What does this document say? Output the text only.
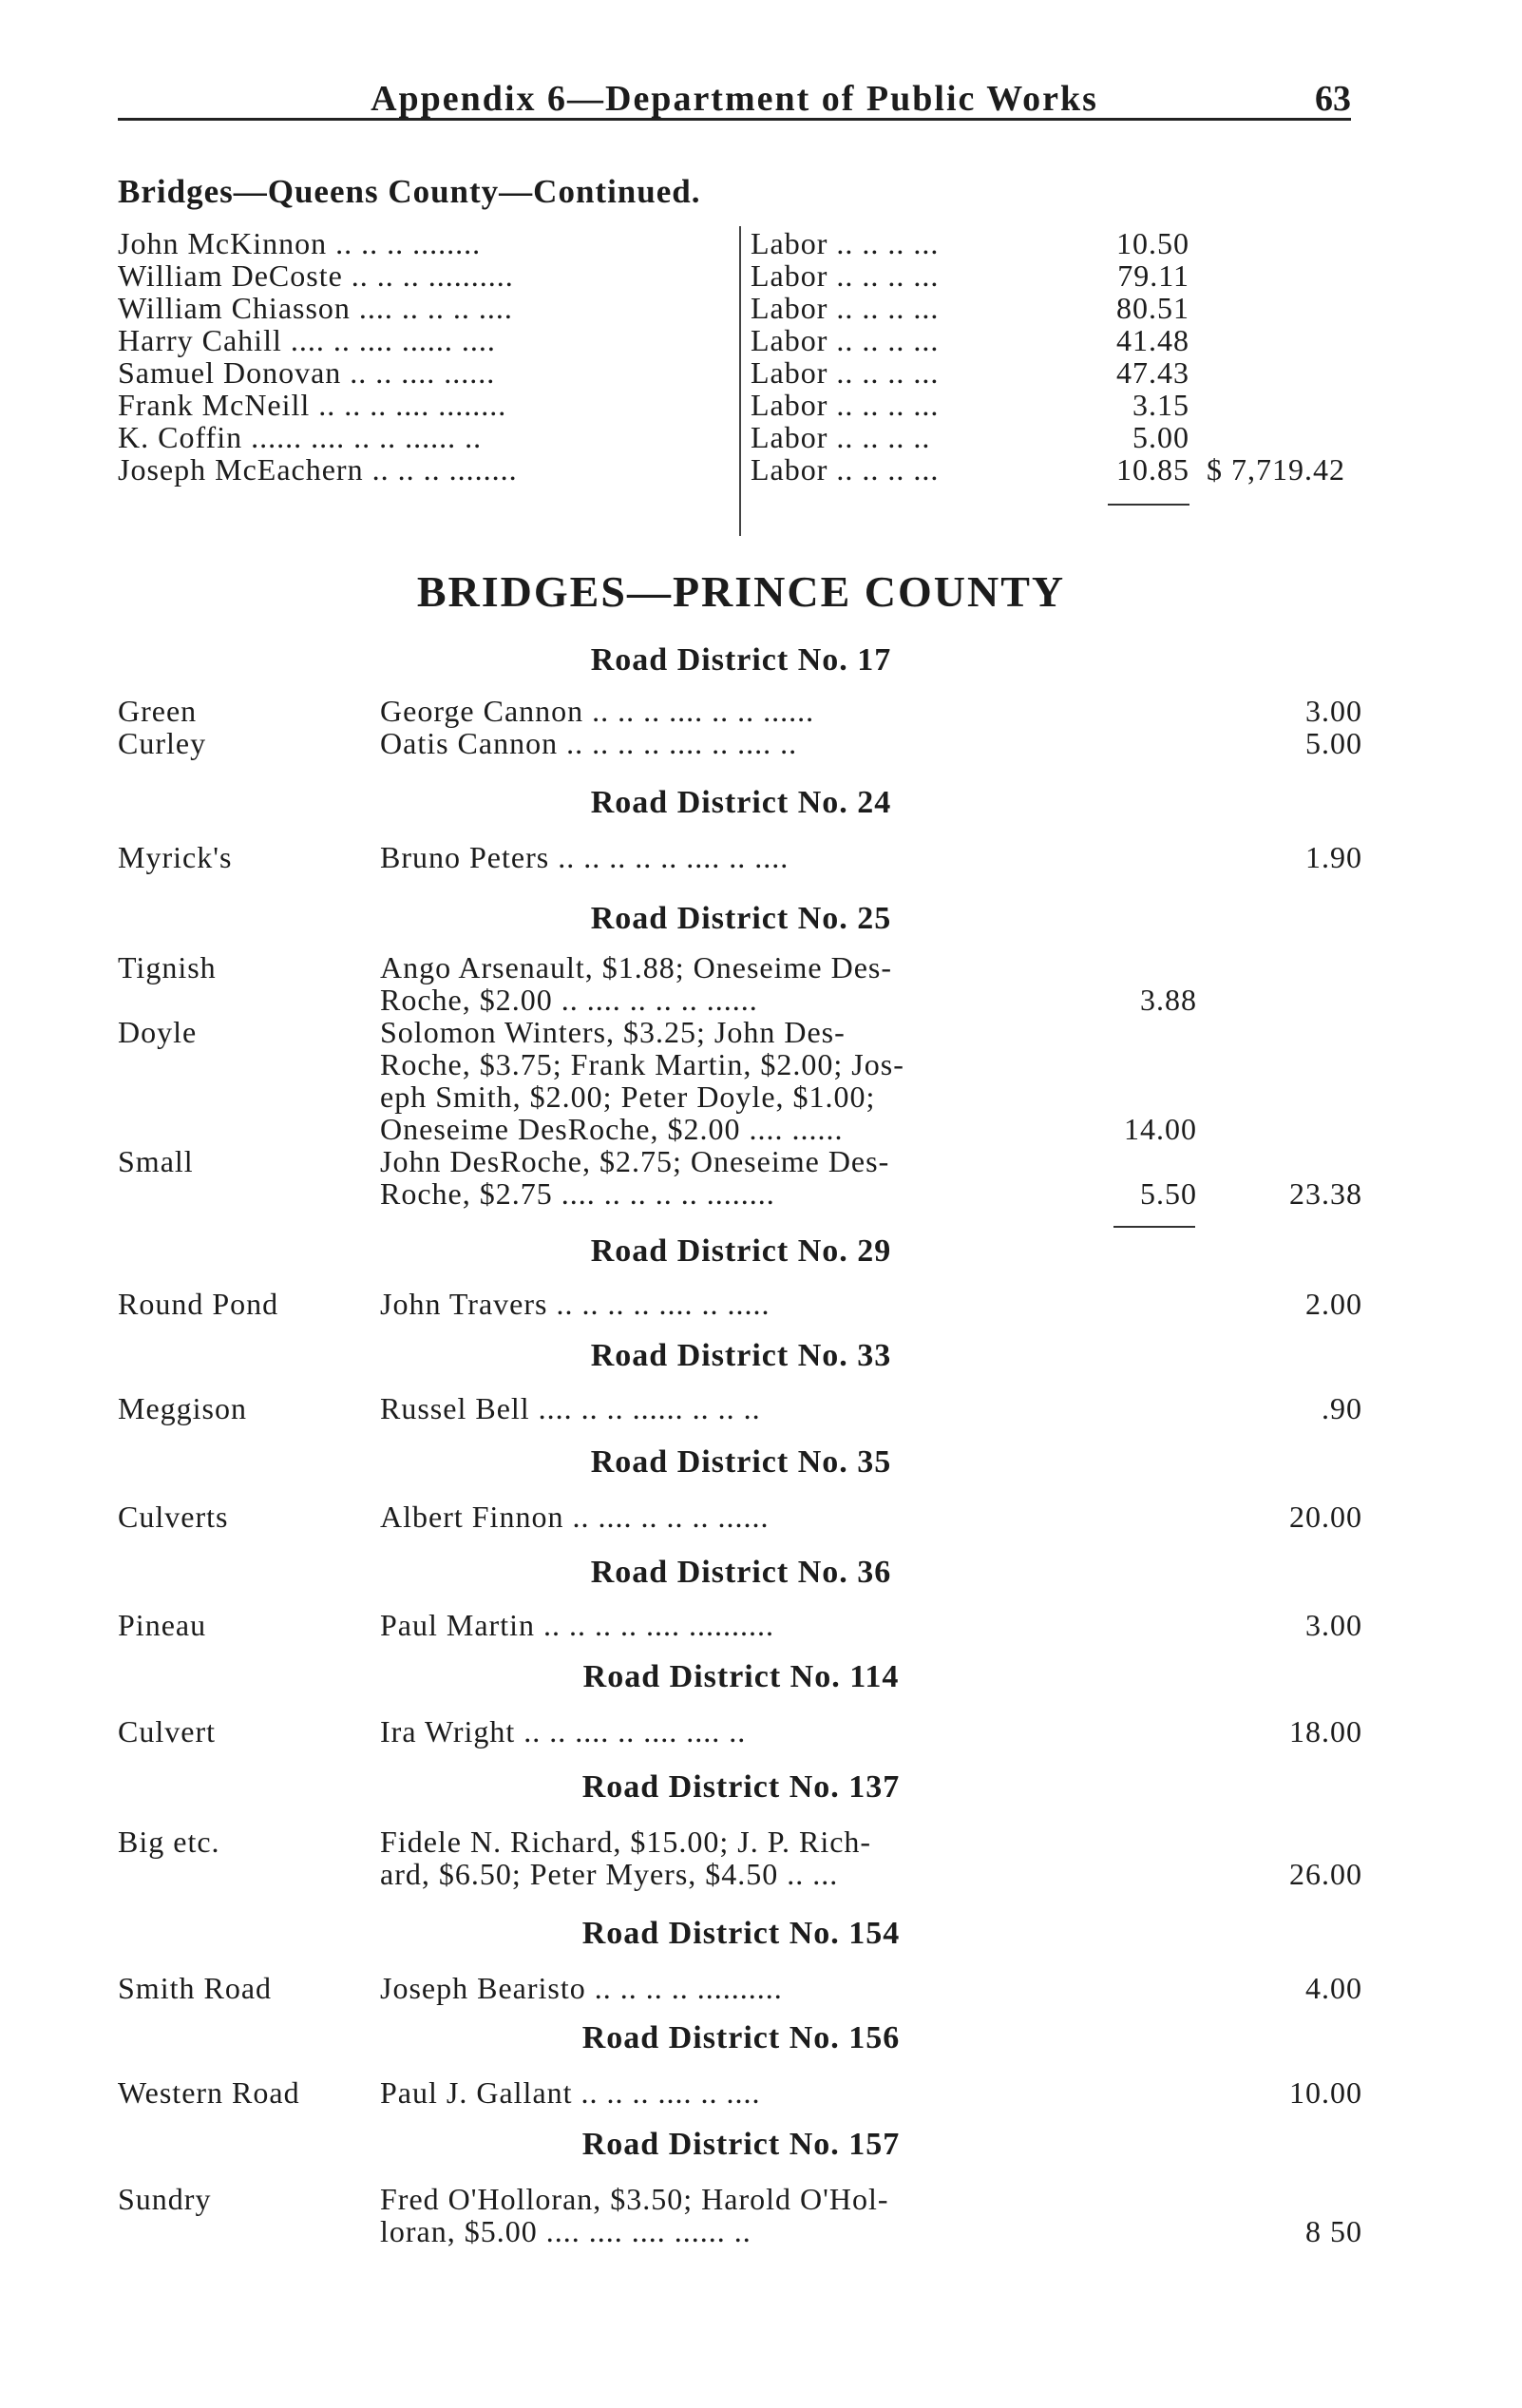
Appendix 6—Department of Public Works	63
Bridges—Queens County—Continued.
John McKinnon .. .. .. ........	Labor .. .. .. ...	10.50
William DeCoste .. .. .. ..........	Labor .. .. .. ...	79.11
William Chiasson .... .. .. .. ....	Labor .. .. .. ...	80.51
Harry Cahill .... .. .... ...... ....	Labor .. .. .. ...	41.48
Samuel Donovan .. .. .... ......	Labor .. .. .. ...	47.43
Frank McNeill .. .. .. .... ........	Labor .. .. .. ...	3.15
K. Coffin ...... .... .. .. ...... ..	Labor .. .. .. ..	5.00
Joseph McEachern .. .. .. ........	Labor .. .. .. ...	10.85 $ 7,719.42
BRIDGES—PRINCE COUNTY
Road District No. 17
Green	George Cannon .. .. .. .... .. .. ......	3.00
Curley	Oatis Cannon .. .. .. .. .... .. .... ..	5.00
Road District No. 24
Myrick's	Bruno Peters .. .. .. .. .. .... .. ....	1.90
Road District No. 25
Tignish	Ango Arsenault, $1.88; Oneseime Des-
Roche, $2.00 .. .... .. .. .. ......	3.88
Doyle	Solomon Winters, $3.25; John Des-
Roche, $3.75; Frank Martin, $2.00; Jos-
eph Smith, $2.00; Peter Doyle, $1.00;
Oneseime DesRoche, $2.00 .... ......	14.00
Small	John DesRoche, $2.75; Oneseime Des-
Roche, $2.75 .... .. .. .. .. ........	5.50	23.38
Road District No. 29
Round Pond	John Travers .. .. .. .. .... .. .....	2.00
Road District No. 33
Meggison	Russel Bell .... .. .. ...... .. .. ..	.90
Road District No. 35
Culverts	Albert Finnon .. .... .. .. .. ......	20.00
Road District No. 36
Pineau	Paul Martin .. .. .. .. .... ..........	3.00
Road District No. 114
Culvert	Ira Wright .. .. .... .. .... .... ..	18.00
Road District No. 137
Big etc.	Fidele N. Richard, $15.00; J. P. Rich-
ard, $6.50; Peter Myers, $4.50 .. ...	26.00
Road District No. 154
Smith Road	Joseph Bearisto .. .. .. .. ..........	4.00
Road District No. 156
Western Road	Paul J. Gallant .. .. .. .... .. ....	10.00
Road District No. 157
Sundry	Fred O'Holloran, $3.50; Harold O'Hol-
loran, $5.00 .... .... .... ...... ..	8 50
